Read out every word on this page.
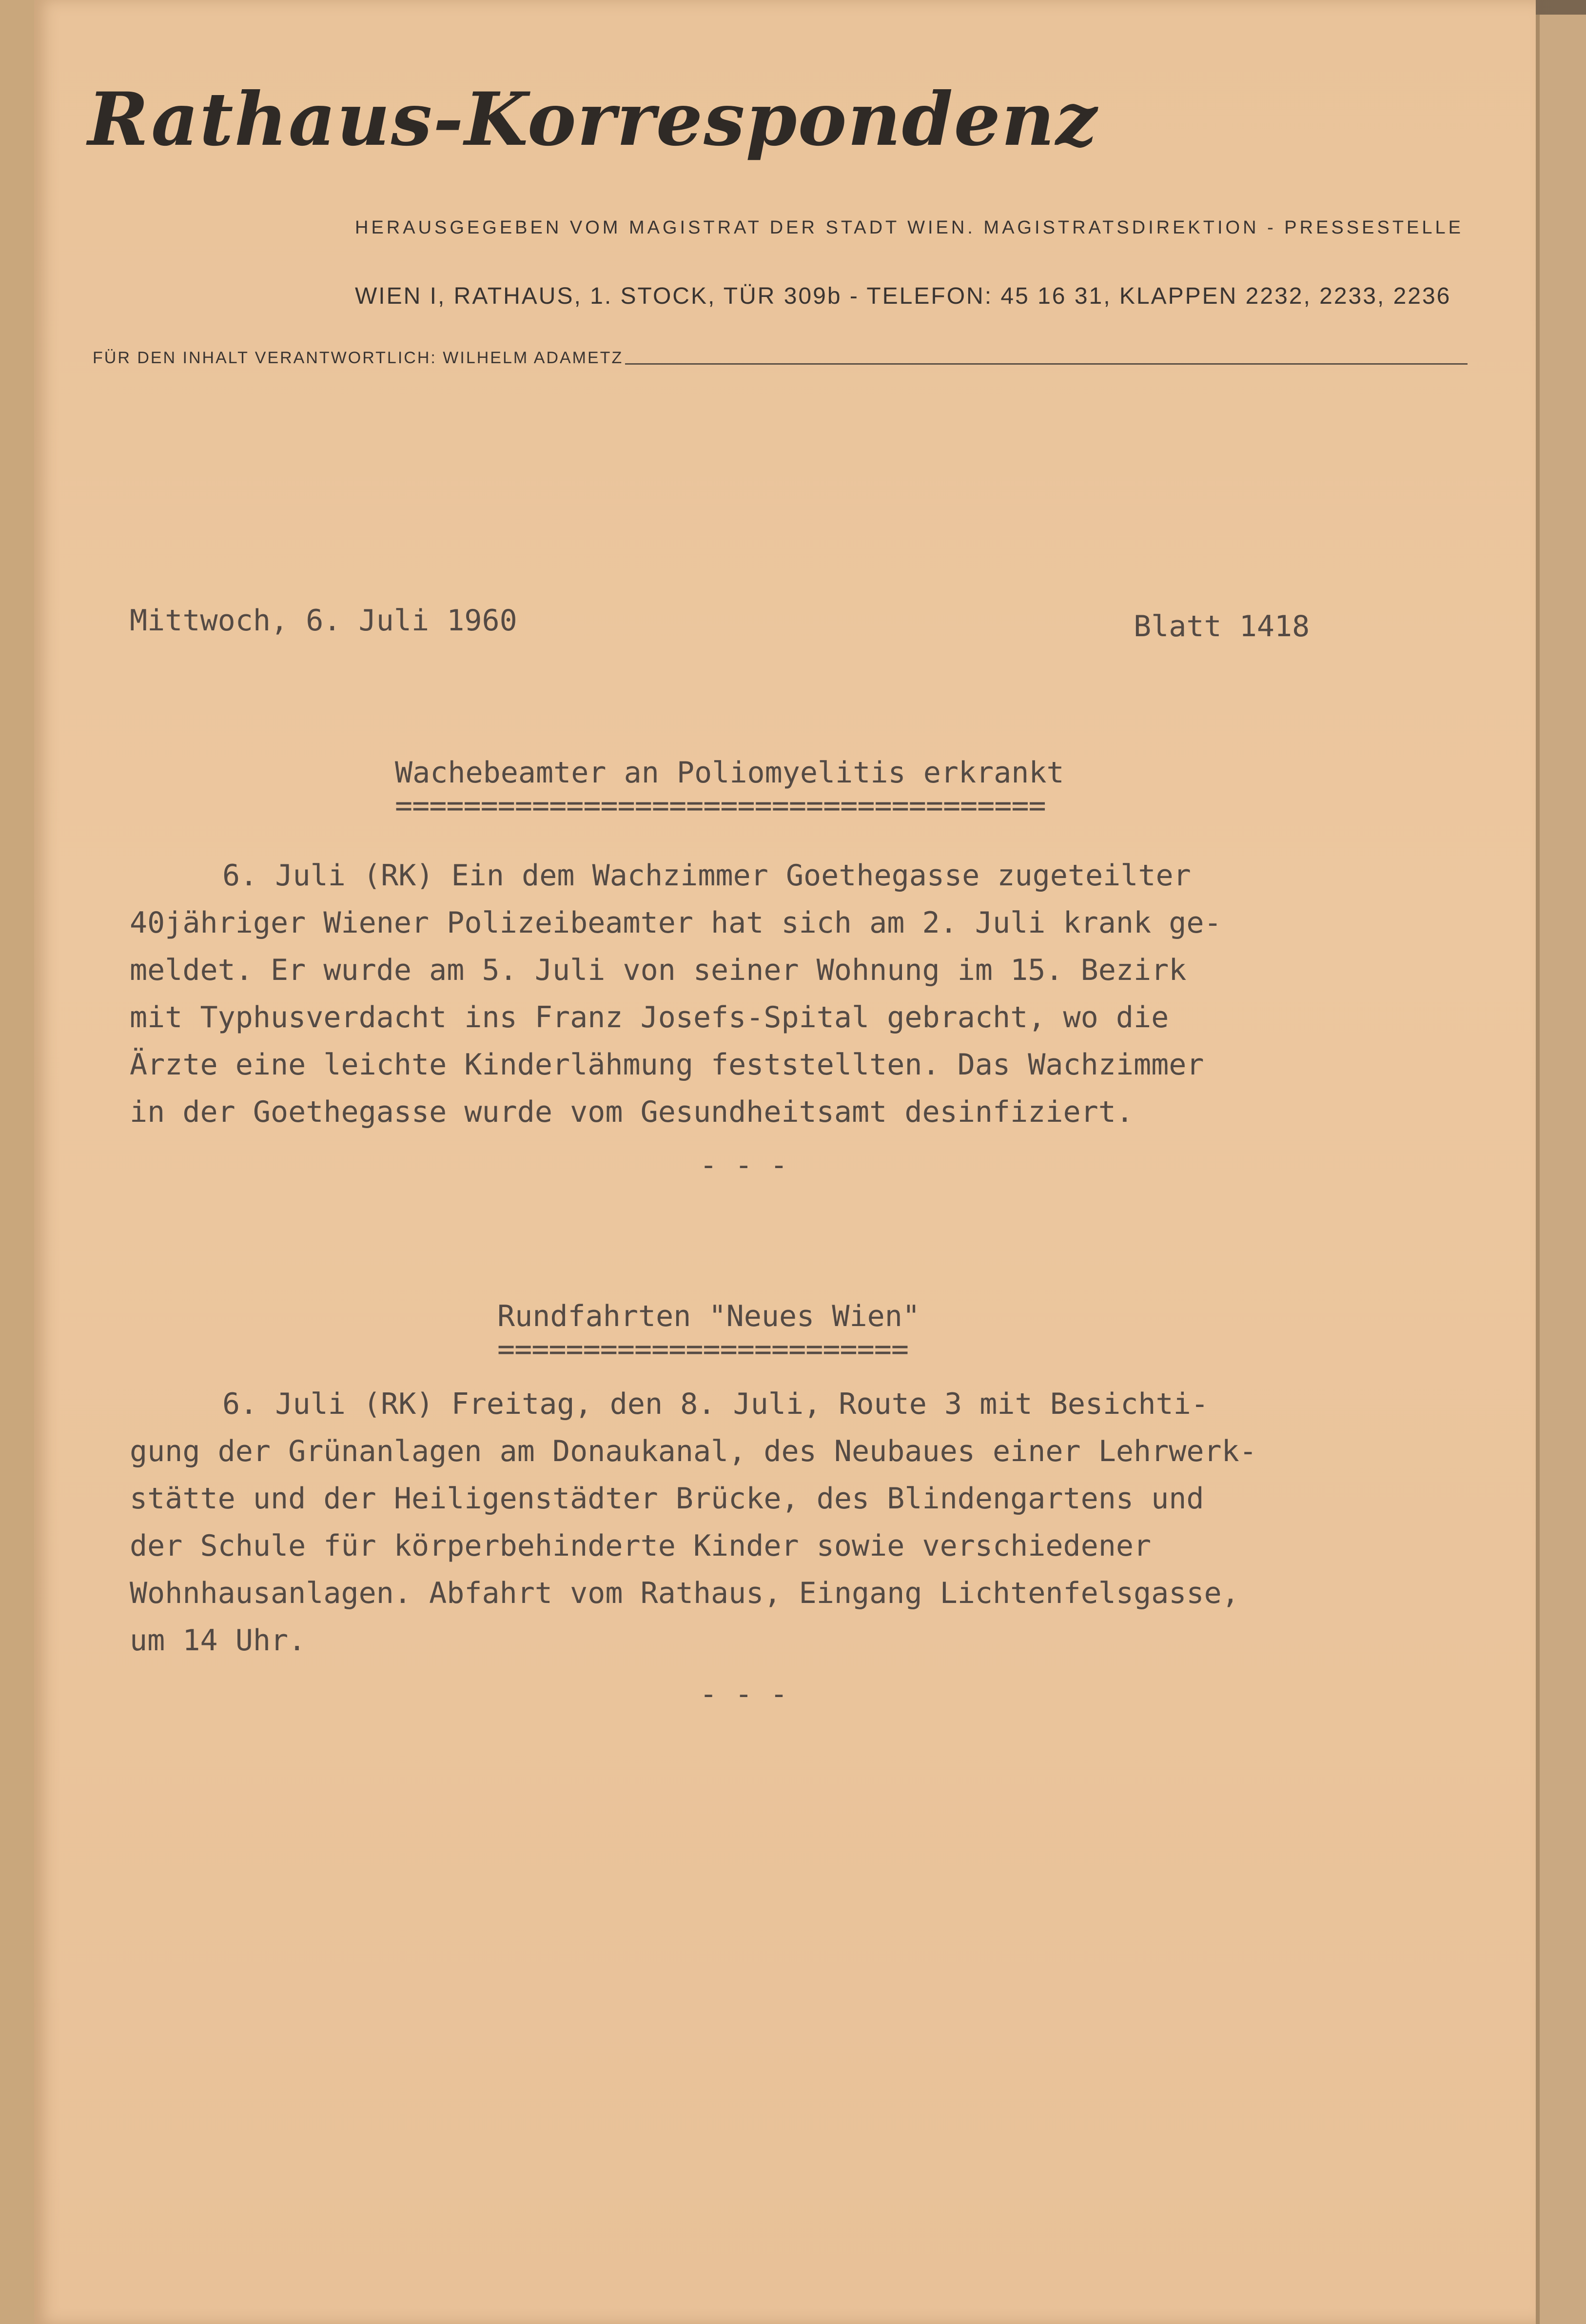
Rathaus-Korrespondenz

HERAUSGEGEBEN VOM MAGISTRAT DER STADT WIEN. MAGISTRATSDIREKTION - PRESSESTELLE

WIEN I, RATHAUS, 1. STOCK, TÜR 309b - TELEFON: 45 16 31, KLAPPEN 2232, 2233, 2236

FÜR DEN INHALT VERANTWORTLICH: WILHELM ADAMETZ

Mittwoch, 6. Juli 1960	Blatt 1418

Wachebeamter an Poliomyelitis erkrankt

======================================

6. Juli (RK) Ein dem Wachzimmer Goethegasse zugeteilter

40jähriger Wiener Polizeibeamter hat sich am 2. Juli krank ge-

meldet. Er wurde am 5. Juli von seiner Wohnung im 15. Bezirk

mit Typhusverdacht ins Franz Josefs-Spital gebracht, wo die

Ärzte eine leichte Kinderlähmung feststellten. Das Wachzimmer

in der Goethegasse wurde vom Gesundheitsamt desinfiziert.

- - -

Rundfahrten "Neues Wien"

========================

6. Juli (RK) Freitag, den 8. Juli, Route 3 mit Besichti-

gung der Grünanlagen am Donaukanal, des Neubaues einer Lehrwerk-

stätte und der Heiligenstädter Brücke, des Blindengartens und

der Schule für körperbehinderte Kinder sowie verschiedener

Wohnhausanlagen. Abfahrt vom Rathaus, Eingang Lichtenfelsgasse,

um 14 Uhr.

- - -
